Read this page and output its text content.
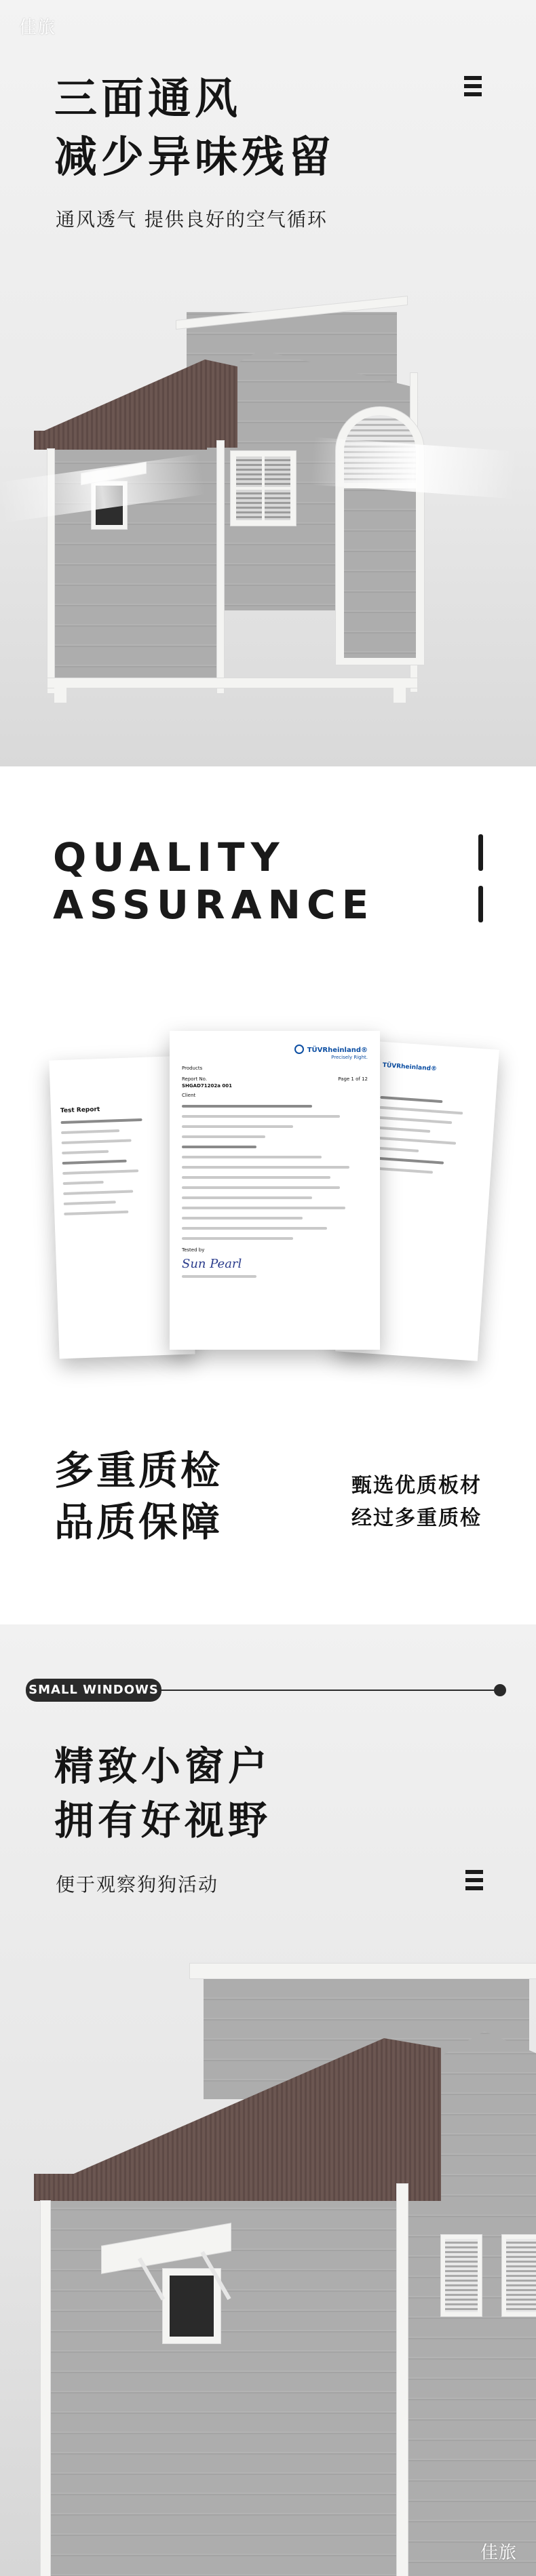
佳旅
三面通风
减少异味残留
通风透气 提供良好的空气循环
QUALITY
ASSURANCE
Test Report
TÜVRheinland®
TÜVRheinland®
Precisely Right.
Products
Report No.	Page 1 of 12
SHGAD71202a 001
Client
Tested by
Sun Pearl
多重质检
品质保障
甄选优质板材
经过多重质检
SMALL WINDOWS
精致小窗户
拥有好视野
便于观察狗狗活动
佳旅
